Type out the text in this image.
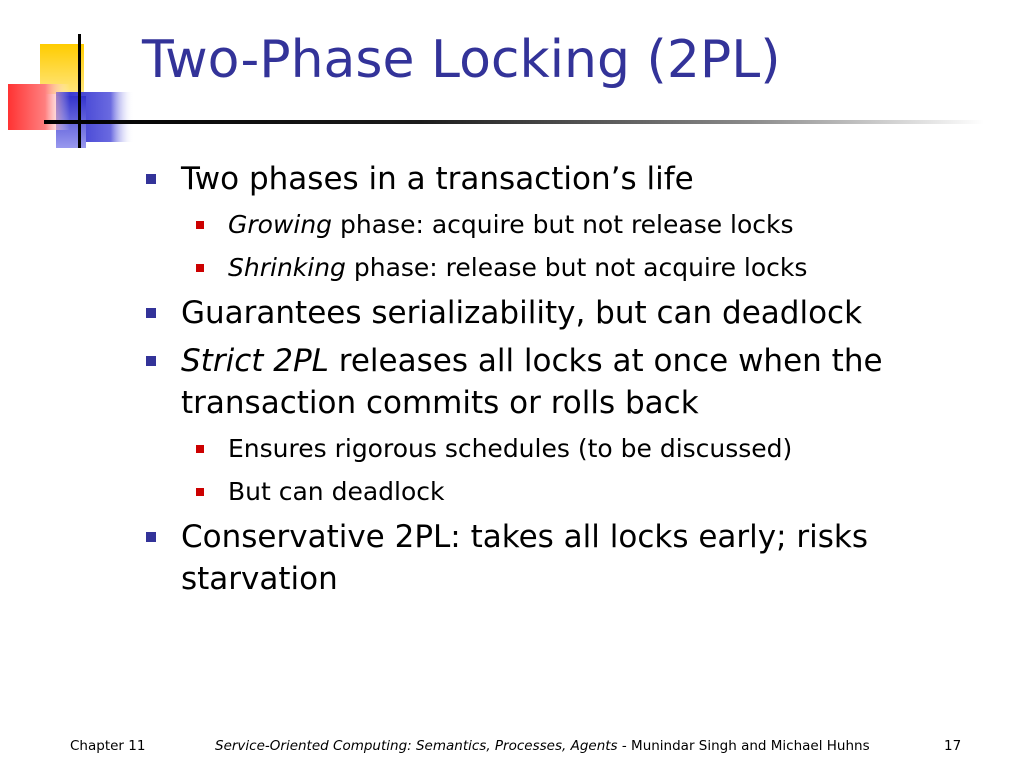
Two-Phase Locking (2PL)
Two phases in a transaction’s life
Growing phase: acquire but not release locks
Shrinking phase: release but not acquire locks
Guarantees serializability, but can deadlock
Strict 2PL releases all locks at once when the transaction commits or rolls back
Ensures rigorous schedules (to be discussed)
But can deadlock
Conservative 2PL: takes all locks early; risks starvation
Chapter 11	Service-Oriented Computing: Semantics, Processes, Agents - Munindar Singh and Michael Huhns	17
